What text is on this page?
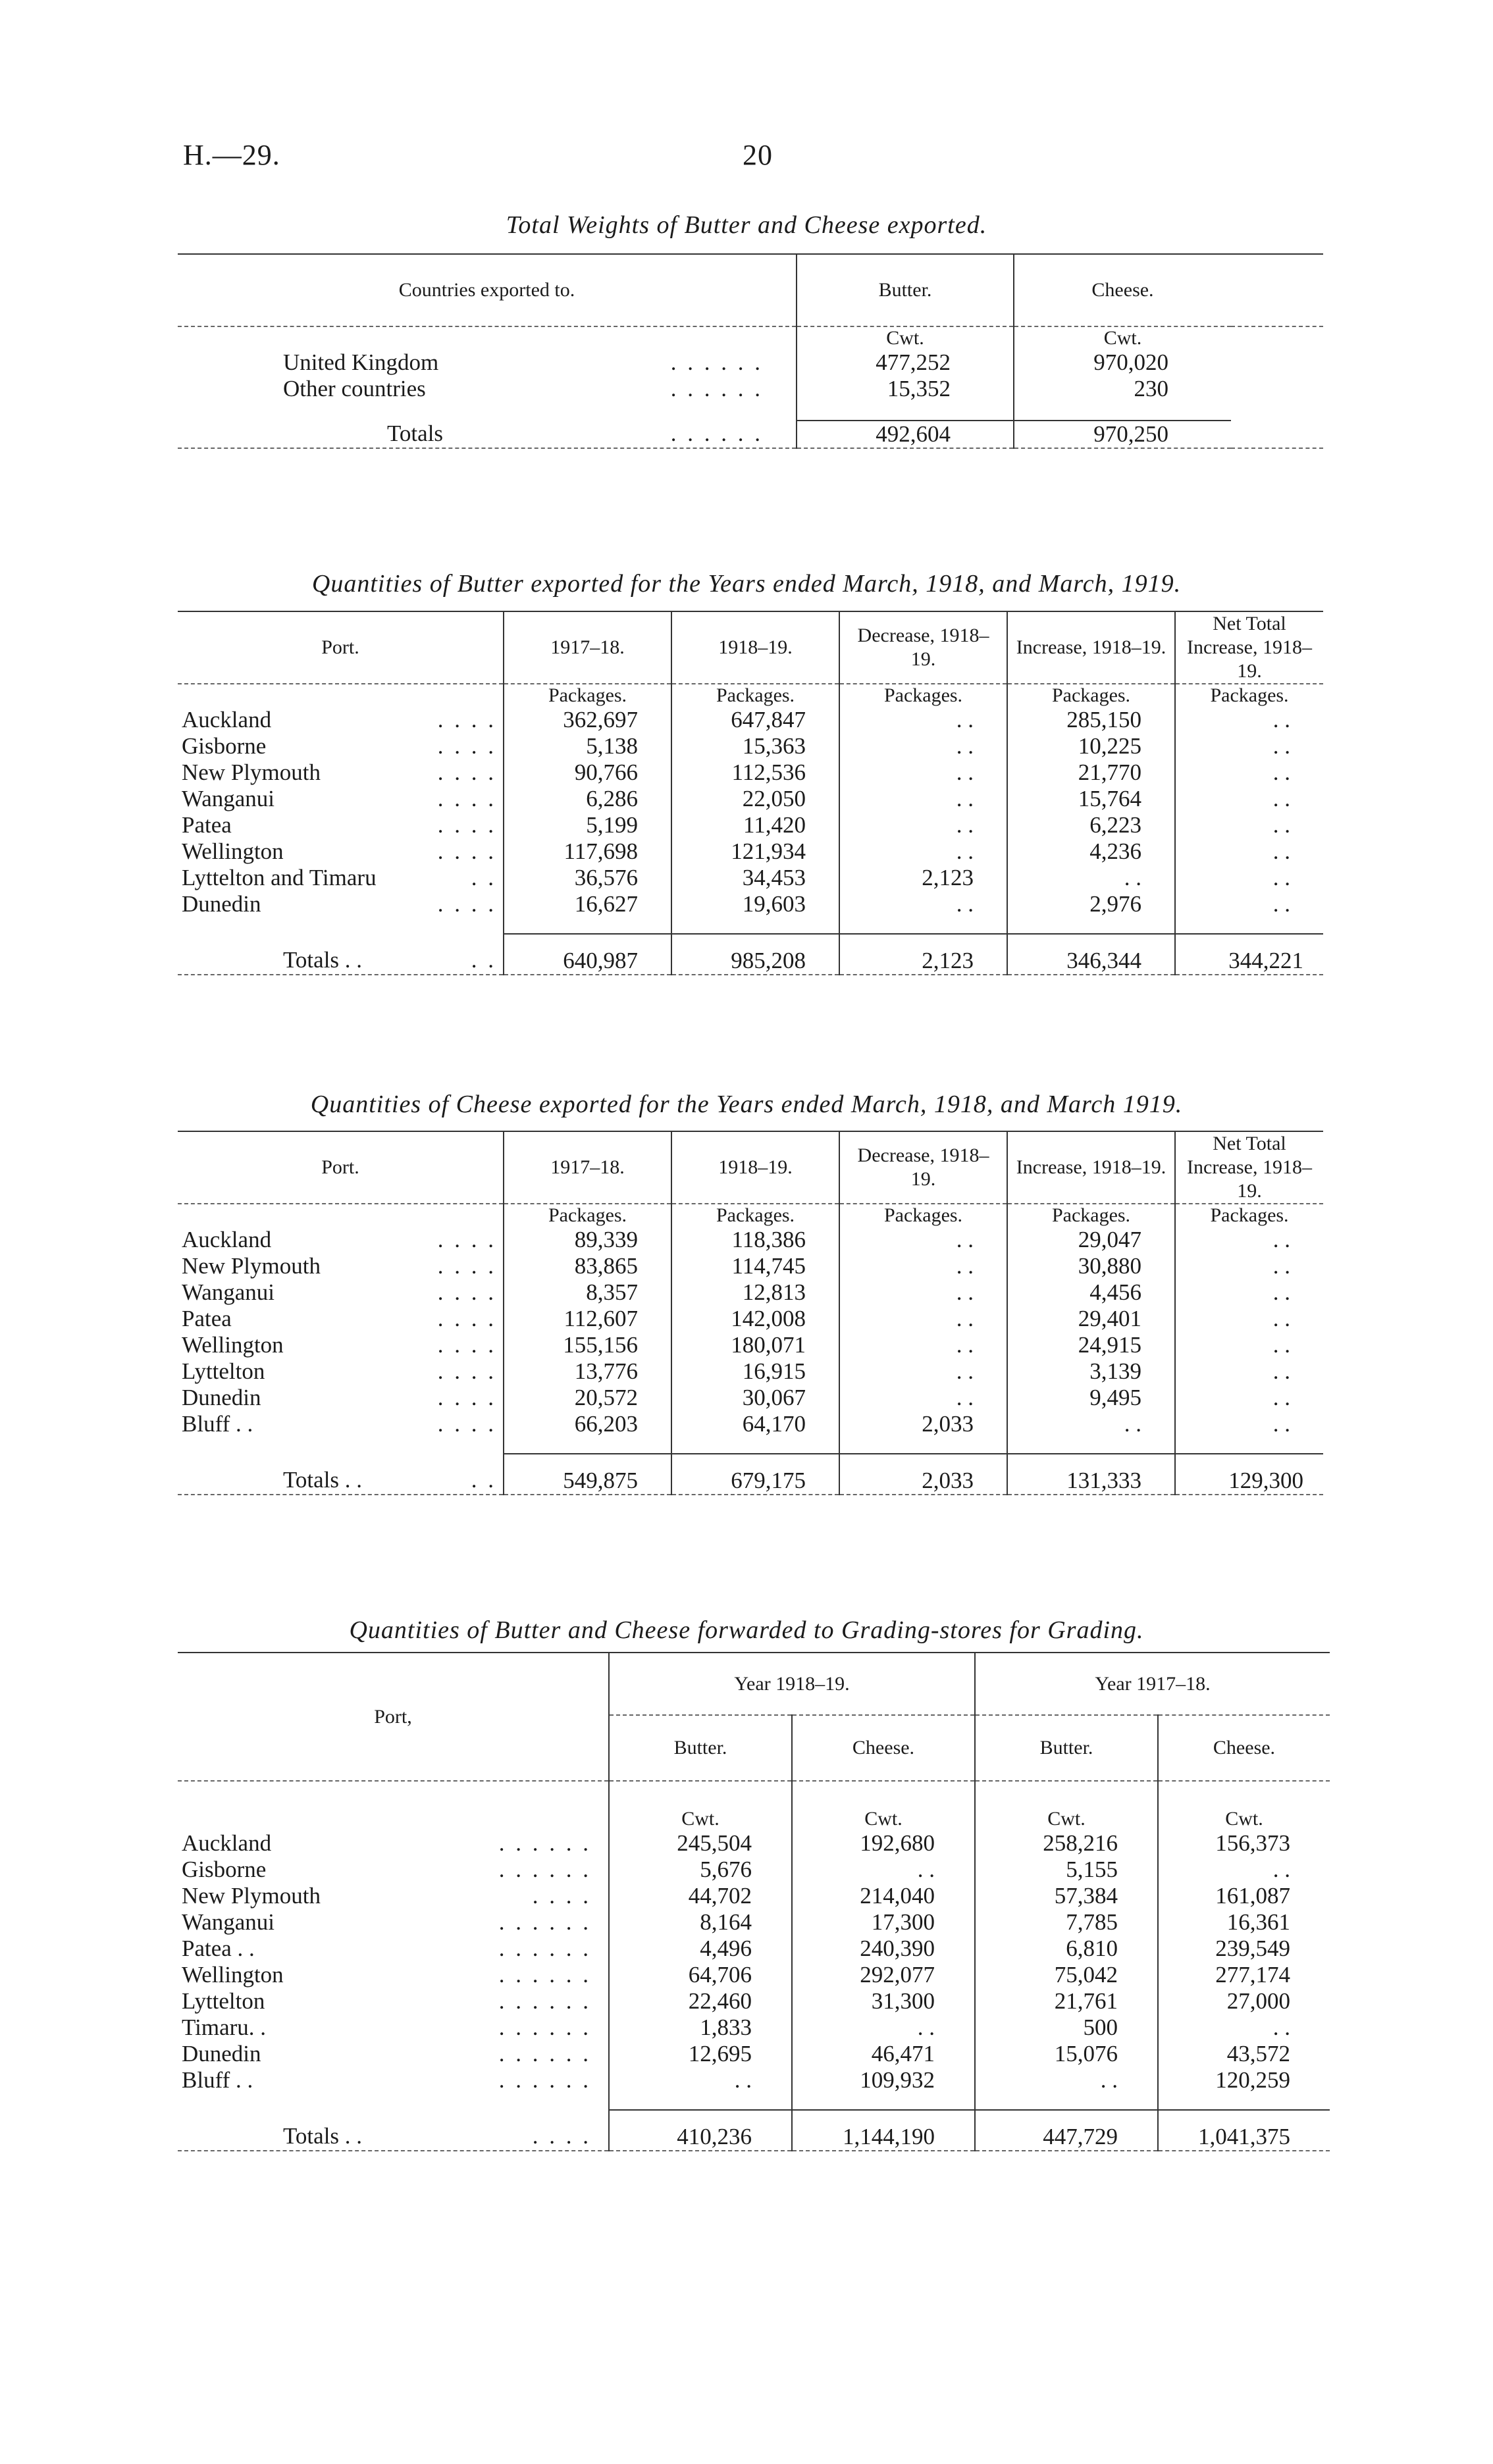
H.—29.	20
Total Weights of Butter and Cheese exported.
Countries exported to.	Butter.	Cheese.	
	Cwt.	Cwt.	
United Kingdom . . . . . .	477,252	970,020	
Other countries . . . . . .	15,352	230	
Totals . . . . . .	492,604	970,250	
Quantities of Butter exported for the Years ended March, 1918, and March, 1919.
Port.	1917–18.	1918–19.	Decrease, 1918–19.	Increase, 1918–19.	Net Total Increase, 1918–19.
	Packages.	Packages.	Packages.	Packages.	Packages.
Auckland . . . .	362,697	647,847	. .	285,150	. .
Gisborne . . . .	5,138	15,363	. .	10,225	. .
New Plymouth . . . .	90,766	112,536	. .	21,770	. .
Wanganui . . . .	6,286	22,050	. .	15,764	. .
Patea . . . .	5,199	11,420	. .	6,223	. .
Wellington . . . .	117,698	121,934	. .	4,236	. .
Lyttelton and Timaru . .	36,576	34,453	2,123	. .	. .
Dunedin . . . .	16,627	19,603	. .	2,976	. .
Totals . . . .	640,987	985,208	2,123	346,344	344,221
Quantities of Cheese exported for the Years ended March, 1918, and March 1919.
Port.	1917–18.	1918–19.	Decrease, 1918–19.	Increase, 1918–19.	Net Total Increase, 1918–19.
	Packages.	Packages.	Packages.	Packages.	Packages.
Auckland . . . .	89,339	118,386	. .	29,047	. .
New Plymouth . . . .	83,865	114,745	. .	30,880	. .
Wanganui . . . .	8,357	12,813	. .	4,456	. .
Patea . . . .	112,607	142,008	. .	29,401	. .
Wellington . . . .	155,156	180,071	. .	24,915	. .
Lyttelton . . . .	13,776	16,915	. .	3,139	. .
Dunedin . . . .	20,572	30,067	. .	9,495	. .
Bluff . . . . . .	66,203	64,170	2,033	. .	. .
Totals . . . .	549,875	679,175	2,033	131,333	129,300
Quantities of Butter and Cheese forwarded to Grading-stores for Grading.
Port,	Year 1918–19.		Year 1917–18.	
	Butter.	Cheese.	Butter.	Cheese.
	Cwt.	Cwt.	Cwt.	Cwt.
Auckland . . . . . .	245,504	192,680	258,216	156,373
Gisborne . . . . . .	5,676	. .	5,155	. .
New Plymouth . . . .	44,702	214,040	57,384	161,087
Wanganui . . . . . .	8,164	17,300	7,785	16,361
Patea . . . . . . . .	4,496	240,390	6,810	239,549
Wellington . . . . . .	64,706	292,077	75,042	277,174
Lyttelton . . . . . .	22,460	31,300	21,761	27,000
Timaru. . . . . . . .	1,833	. .	500	. .
Dunedin . . . . . .	12,695	46,471	15,076	43,572
Bluff . . . . . . . .	. .	109,932	. .	120,259
Totals . . . . . .	410,236	1,144,190	447,729	1,041,375
